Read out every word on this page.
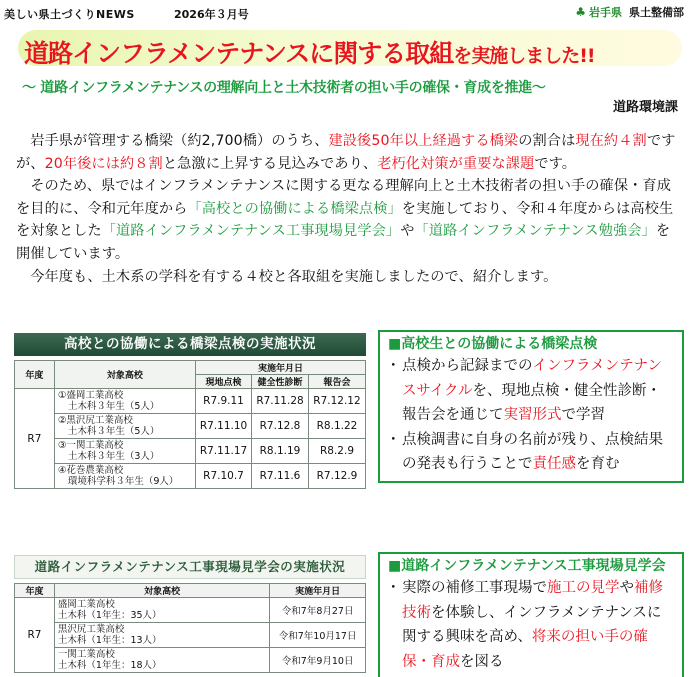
美しい県土づくりNEWS	2026年３月号	♣ 岩手県 県土整備部
道路インフラメンテナンスに関する取組を実施しました!!
～ 道路インフラメンテナンスの理解向上と土木技術者の担い手の確保・育成を推進～
道路環境課

岩手県が管理する橋梁（約2,700橋）のうち、建設後50年以上経過する橋梁の割合は現在約４割ですが、20年後には約８割と急激に上昇する見込みであり、老朽化対策が重要な課題です。

そのため、県ではインフラメンテナンスに関する更なる理解向上と土木技術者の担い手の確保・育成を目的に、令和元年度から「高校との協働による橋梁点検」を実施しており、令和４年度からは高校生を対象とした「道路インフラメンテナンス工事現場見学会」や「道路インフラメンテナンス勉強会」を開催しています。

今年度も、土木系の学科を有する４校と各取組を実施しましたので、紹介します。

高校との協働による橋梁点検の実施状況
年度	対象高校	実施年月日		
		現地点検	健全性診断	報告会
R7	①盛岡工業高校
土木科３年生（5人）	R7.9.11	R7.11.28	R7.12.12

	②黒沢尻工業高校
土木科３年生（5人）	R7.11.10	R7.12.8	R8.1.22

	③一関工業高校
土木科３年生（3人）	R7.11.17	R8.1.19	R8.2.9

	④花巻農業高校
環境科学科３年生（9人）	R7.10.7	R7.11.6	R7.12.9
■高校生との協働による橋梁点検
・ 点検から記録までのインフラメンテナンスサイクルを、現地点検・健全性診断・報告会を通じて実習形式で学習
・ 点検調書に自身の名前が残り、点検結果の発表も行うことで責任感を育む
道路インフラメンテナンス工事現場見学会の実施状況
年度	対象高校	実施年月日
R7	盛岡工業高校
土木科（1年生：35人）	令和7年8月27日

	黒沢尻工業高校
土木科（1年生：13人）	令和7年10月17日

	一関工業高校
土木科（1年生：18人）	令和7年9月10日
■道路インフラメンテナンス工事現場見学会
・ 実際の補修工事現場で施工の見学や補修技術を体験し、インフラメンテナンスに関する興味を高め、将来の担い手の確保・育成を図る
